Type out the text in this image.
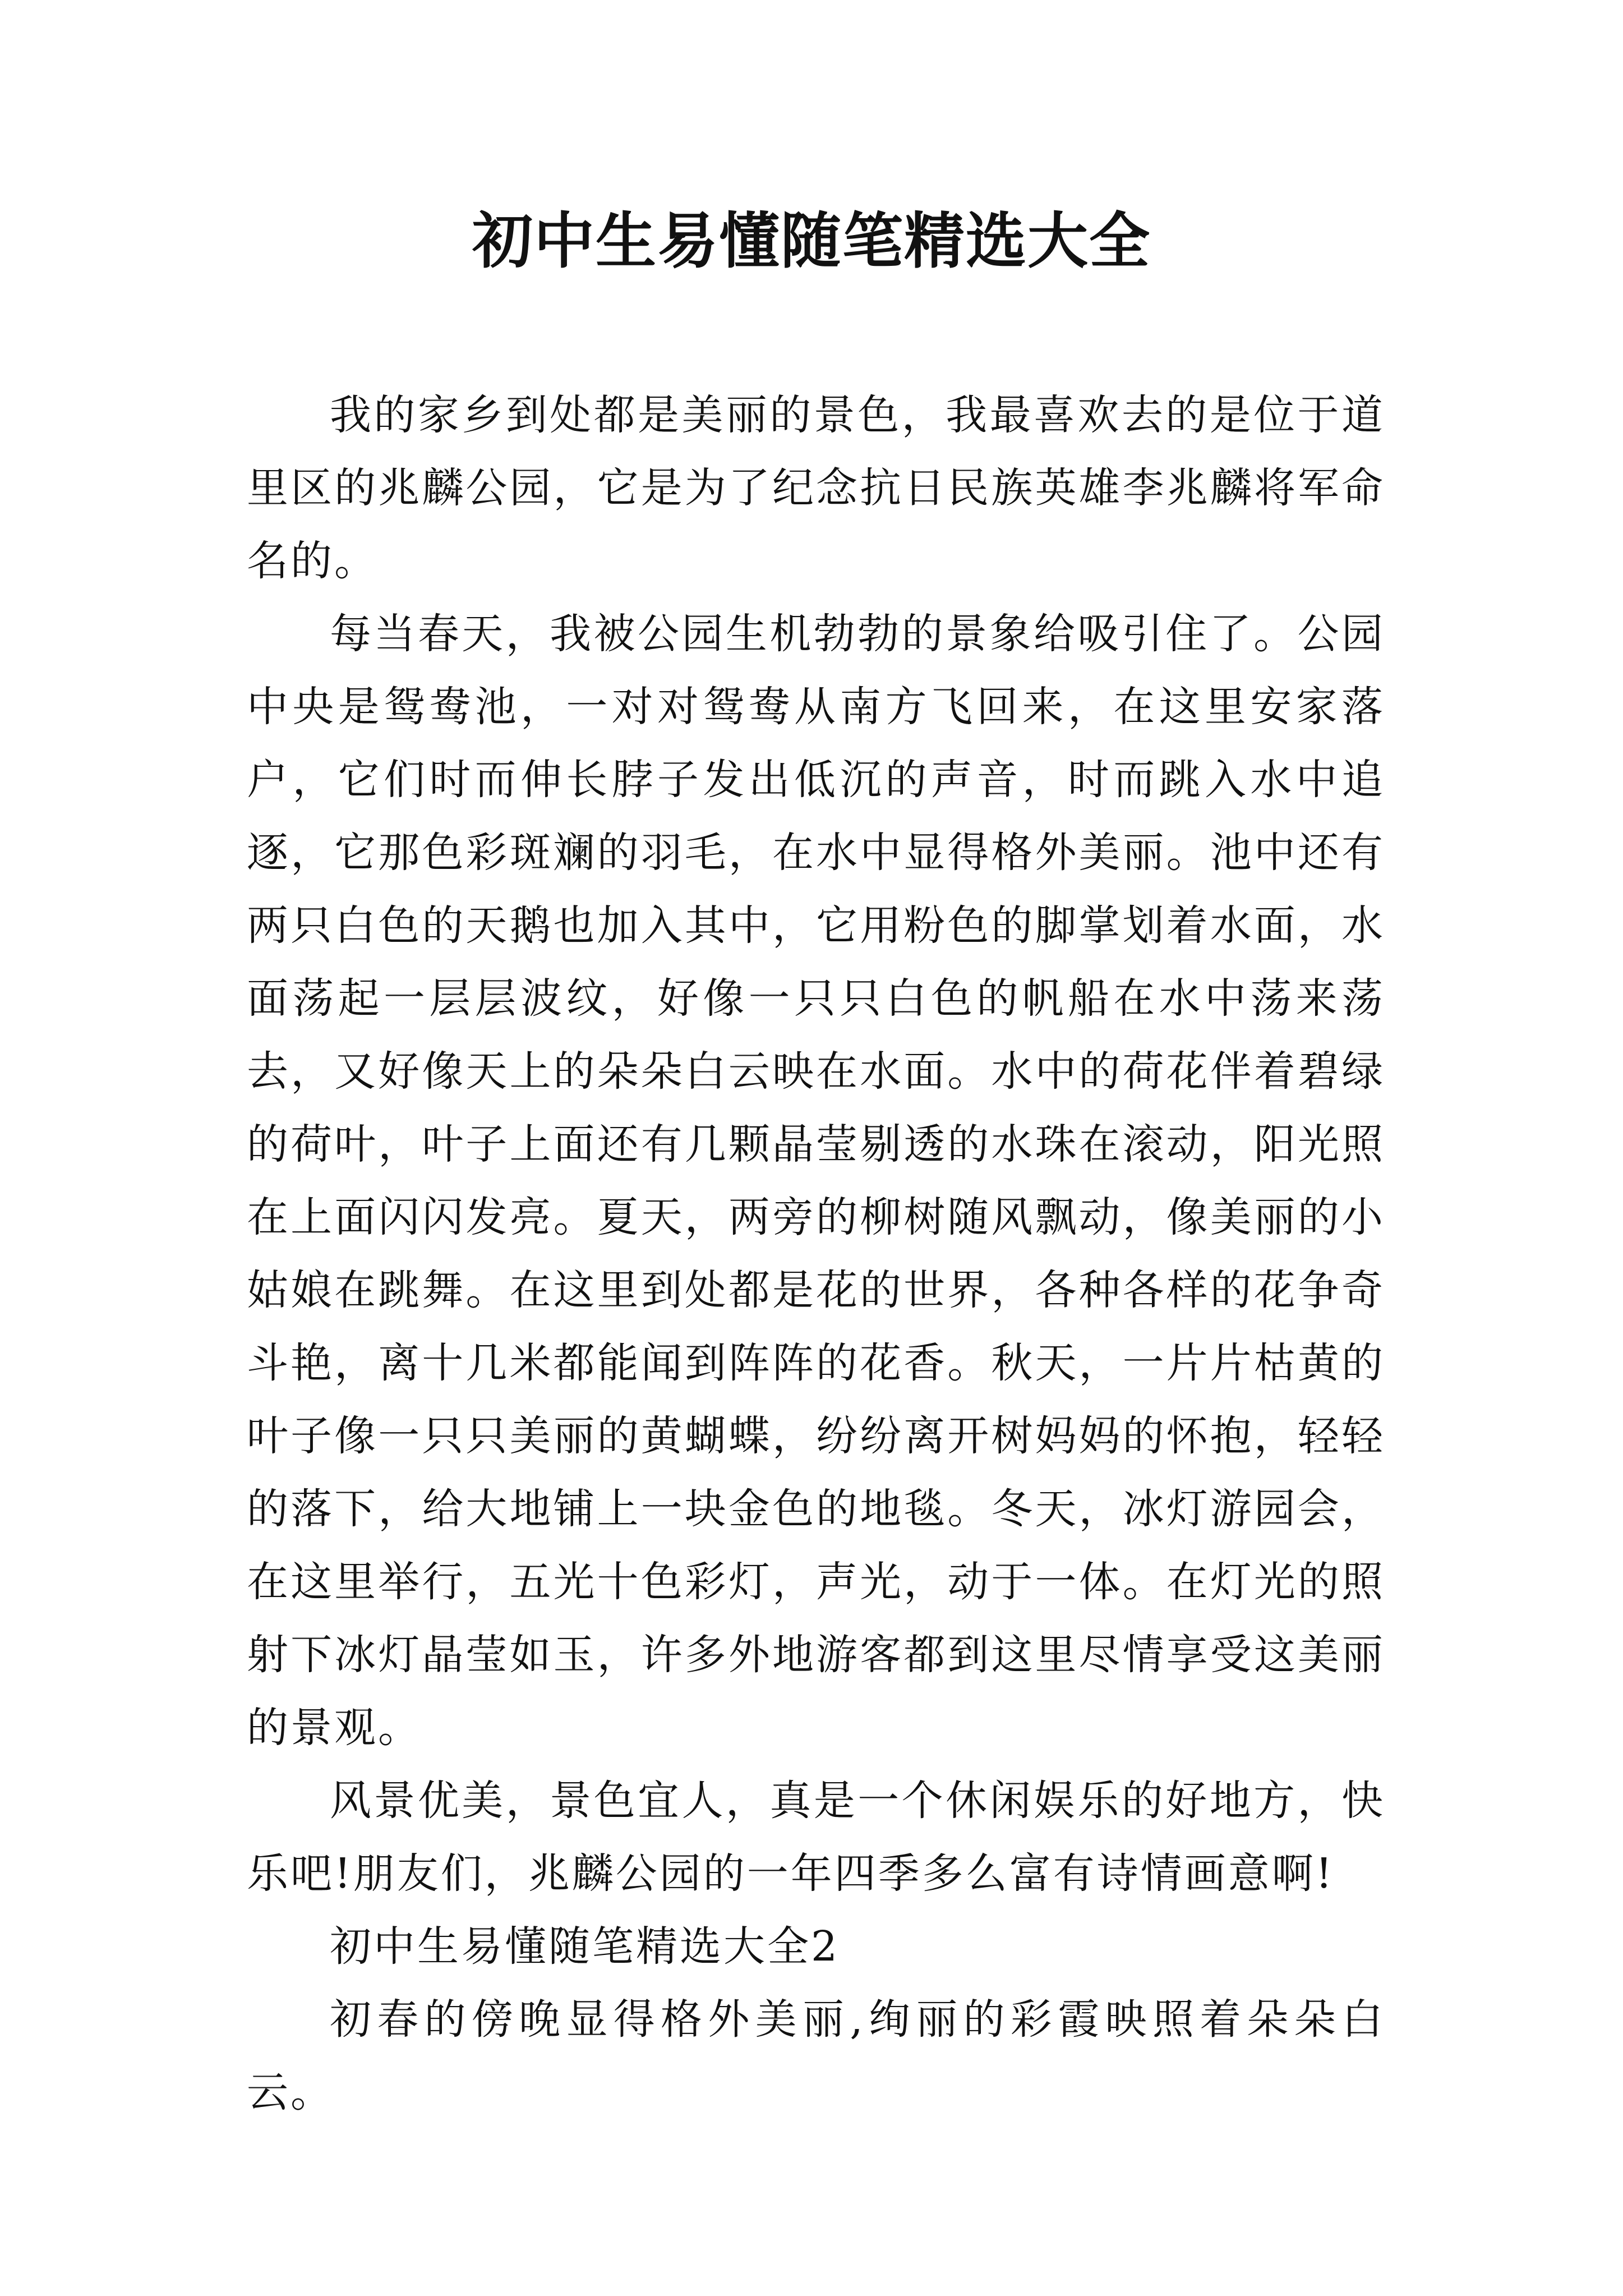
初中生易懂随笔精选大全

我的家乡到处都是美丽的景色，我最喜欢去的是位于道里区的兆麟公园，它是为了纪念抗日民族英雄李兆麟将军命名的。

每当春天，我被公园生机勃勃的景象给吸引住了。公园中央是鸳鸯池，一对对鸳鸯从南方飞回来，在这里安家落户，它们时而伸长脖子发出低沉的声音，时而跳入水中追逐，它那色彩斑斓的羽毛，在水中显得格外美丽。池中还有两只白色的天鹅也加入其中，它用粉色的脚掌划着水面，水面荡起一层层波纹，好像一只只白色的帆船在水中荡来荡去，又好像天上的朵朵白云映在水面。水中的荷花伴着碧绿的荷叶，叶子上面还有几颗晶莹剔透的水珠在滚动，阳光照在上面闪闪发亮。夏天，两旁的柳树随风飘动，像美丽的小姑娘在跳舞。在这里到处都是花的世界，各种各样的花争奇斗艳，离十几米都能闻到阵阵的花香。秋天，一片片枯黄的叶子像一只只美丽的黄蝴蝶，纷纷离开树妈妈的怀抱，轻轻的落下，给大地铺上一块金色的地毯。冬天，冰灯游园会，在这里举行，五光十色彩灯，声光，动于一体。在灯光的照射下冰灯晶莹如玉，许多外地游客都到这里尽情享受这美丽的景观。

风景优美，景色宜人，真是一个休闲娱乐的好地方，快乐吧!朋友们，兆麟公园的一年四季多么富有诗情画意啊!

初中生易懂随笔精选大全2

初春的傍晚显得格外美丽,绚丽的彩霞映照着朵朵白云。
